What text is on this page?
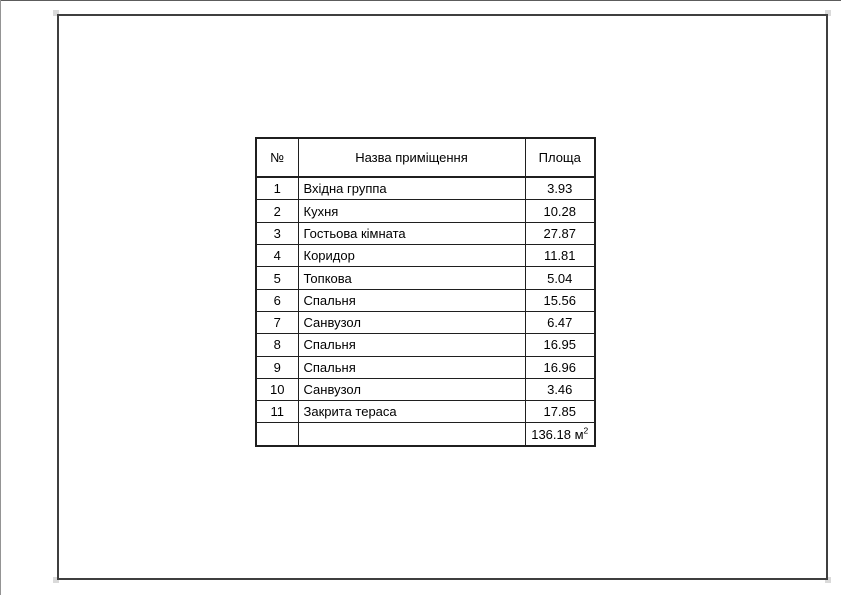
№	Назва приміщення	Площа
1	Вхідна группа	3.93
2	Кухня	10.28
3	Гостьова кімната	27.87
4	Коридор	11.81
5	Топкова	5.04
6	Спальня	15.56
7	Санвузол	6.47
8	Спальня	16.95
9	Спальня	16.96
10	Санвузол	3.46
11	Закрита тераса	17.85
		136.18 $м^2$
